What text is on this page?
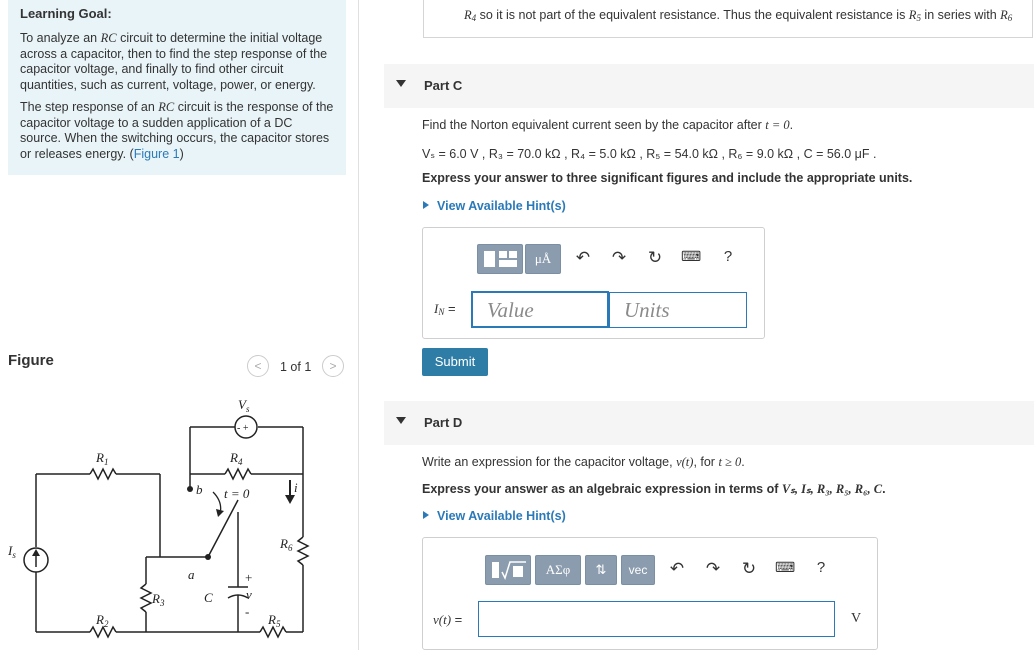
Learning Goal:

To analyze an RC circuit to determine the initial voltage across a capacitor, then to find the step response of the capacitor voltage, and finally to find other circuit quantities, such as current, voltage, power, or energy.

The step response of an RC circuit is the response of the capacitor voltage to a sudden application of a DC source. When the switching occurs, the capacitor stores or releases energy. (Figure 1)

Figure	<	1 of 1	>
$V_s$
- +
$R_1$
$R_2$
$R_3$
$R_4$
$R_5$
$R_6$
$I_s$
t = 0
a
b	i
C	v
+
-
R4 so it is not part of the equivalent resistance. Thus the equivalent resistance is R5 in series with R6
Part C
Find the Norton equivalent current seen by the capacitor after t = 0.
Vₛ = 6.0 V , R₃ = 70.0 kΩ , R₄ = 5.0 kΩ , R₅ = 54.0 kΩ , R₆ = 9.0 kΩ , C = 56.0 μF .
Express your answer to three significant figures and include the appropriate units.
View Available Hint(s)
μÅ	↶ ↷ ↻ ⌨	?
IN =	Value	Units
Submit
Part D
Write an expression for the capacitor voltage, v(t), for t ≥ 0.
Express your answer as an algebraic expression in terms of Vₛ, Iₛ, R₃, R₅, R₆, C.
View Available Hint(s)
ΑΣφ	⇅	vec	↶ ↷ ↻ ⌨	?
v(t) =	V
